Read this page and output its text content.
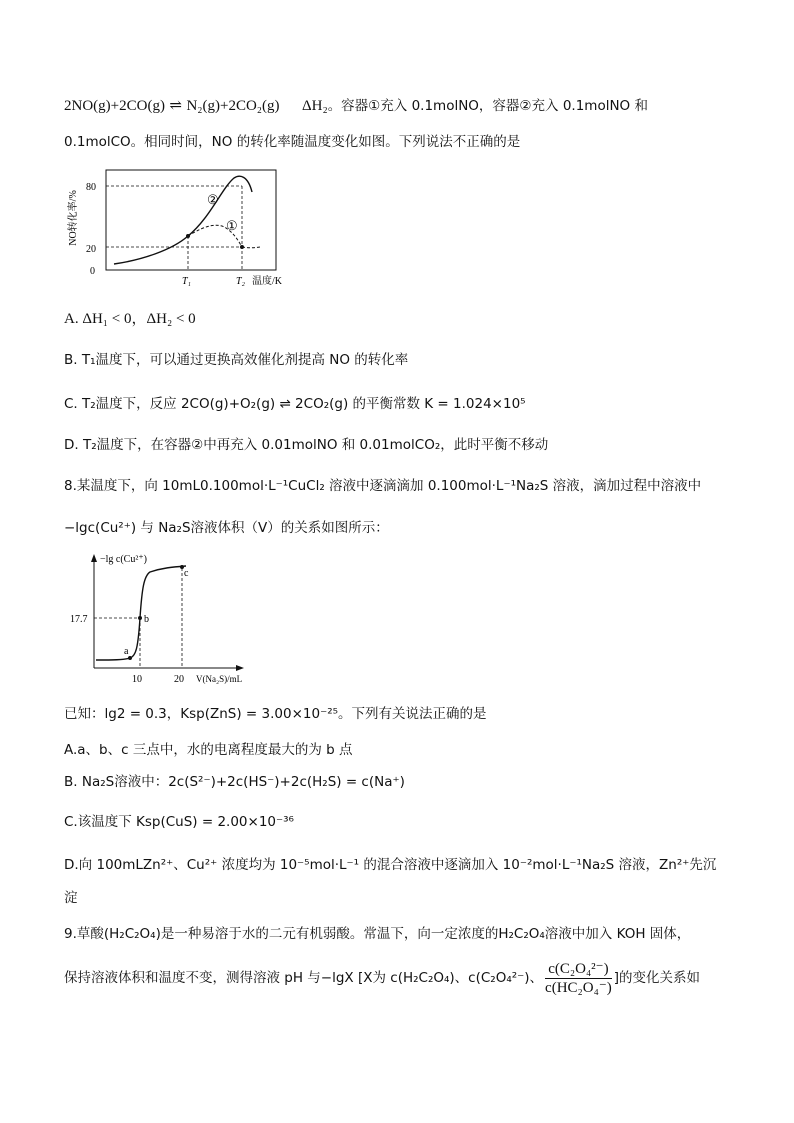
2NO(g)+2CO(g) ⇌ N₂(g)+2CO₂(g) ΔH₂。容器①充入 0.1molNO，容器②充入 0.1molNO 和
0.1molCO。相同时间，NO 的转化率随温度变化如图。下列说法不正确的是
NO转化率/%
80
20
0
②
①
T₁	T₂ 温度/K
A. ΔH₁ < 0，ΔH₂ < 0
B. T₁温度下，可以通过更换高效催化剂提高 NO 的转化率
C. T₂温度下，反应 2CO(g)+O₂(g) ⇌ 2CO₂(g) 的平衡常数 K = 1.024×10⁵
D. T₂温度下，在容器②中再充入 0.01molNO 和 0.01molCO₂，此时平衡不移动
8.某温度下，向 10mL0.100mol·L⁻¹CuCl₂ 溶液中逐滴滴加 0.100mol·L⁻¹Na₂S 溶液，滴加过程中溶液中
−lgc(Cu²⁺) 与 Na₂S溶液体积（V）的关系如图所示：
−lg c(Cu²⁺)
17.7
a
b
c
10	20 V(Na₂S)/mL
已知：lg2 = 0.3，Ksp(ZnS) = 3.00×10⁻²⁵。下列有关说法正确的是
A.a、b、c 三点中，水的电离程度最大的为 b 点
B. Na₂S溶液中：2c(S²⁻)+2c(HS⁻)+2c(H₂S) = c(Na⁺)
C.该温度下 Ksp(CuS) = 2.00×10⁻³⁶
D.向 100mLZn²⁺、Cu²⁺ 浓度均为 10⁻⁵mol·L⁻¹ 的混合溶液中逐滴加入 10⁻²mol·L⁻¹Na₂S 溶液，Zn²⁺先沉
淀
9.草酸(H₂C₂O₄)是一种易溶于水的二元有机弱酸。常温下，向一定浓度的H₂C₂O₄溶液中加入 KOH 固体，
保持溶液体积和温度不变，测得溶液 pH 与−lgX [X为 c(H₂C₂O₄)、c(C₂O₄²⁻)、 $\frac{\text{c(C₂O₄²⁻)}}{\text{c(HC₂O₄⁻)}}$ ]的变化关系如
